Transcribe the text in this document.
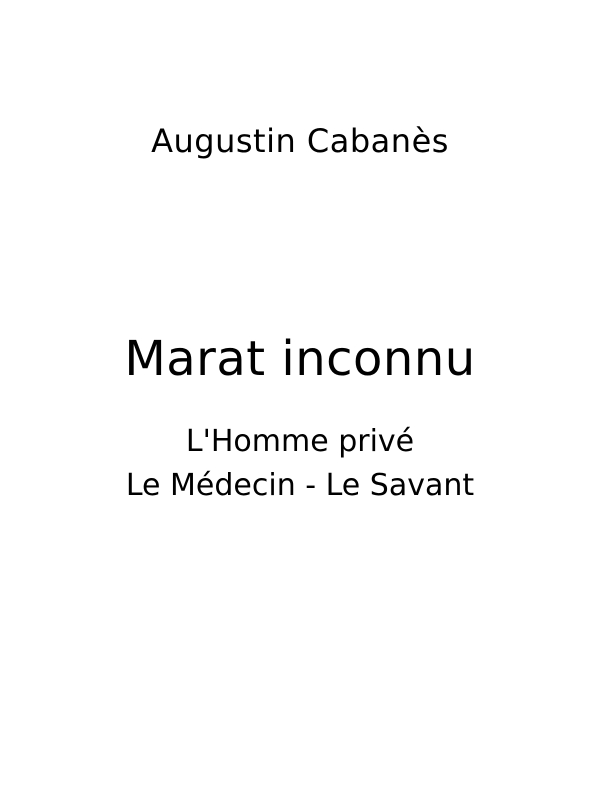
Augustin Cabanès
Marat inconnu
L'Homme privé
Le Médecin - Le Savant
